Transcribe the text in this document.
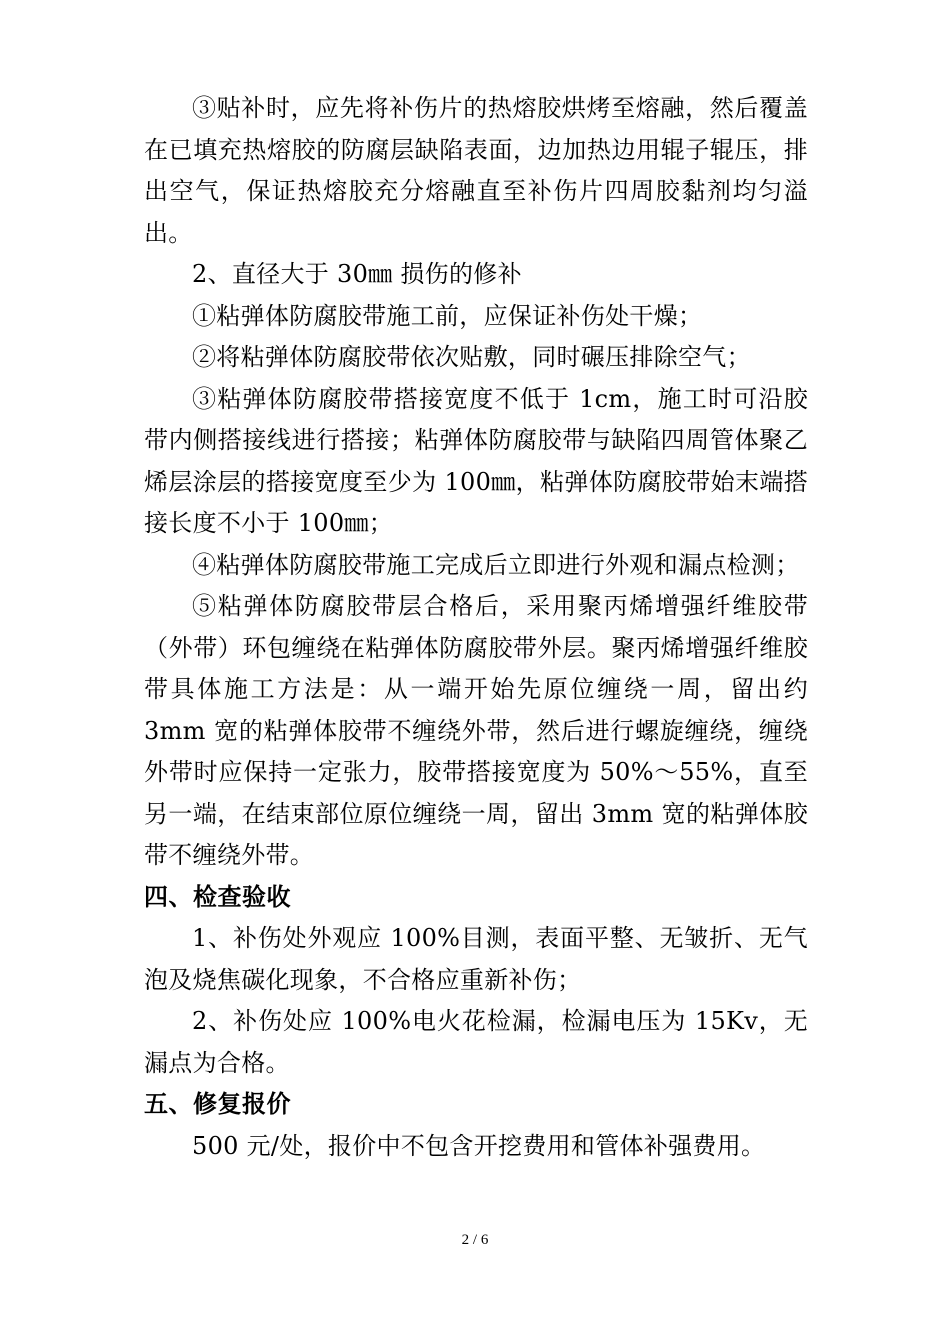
③贴补时，应先将补伤片的热熔胶烘烤至熔融，然后覆盖在已填充热熔胶的防腐层缺陷表面，边加热边用辊子辊压，排出空气，保证热熔胶充分熔融直至补伤片四周胶黏剂均匀溢出。

2、直径大于 30㎜ 损伤的修补

①粘弹体防腐胶带施工前，应保证补伤处干燥；

②将粘弹体防腐胶带依次贴敷，同时碾压排除空气；

③粘弹体防腐胶带搭接宽度不低于 1cm，施工时可沿胶带内侧搭接线进行搭接；粘弹体防腐胶带与缺陷四周管体聚乙烯层涂层的搭接宽度至少为 100㎜，粘弹体防腐胶带始末端搭接长度不小于 100㎜；

④粘弹体防腐胶带施工完成后立即进行外观和漏点检测；

⑤粘弹体防腐胶带层合格后，采用聚丙烯增强纤维胶带（外带）环包缠绕在粘弹体防腐胶带外层。聚丙烯增强纤维胶带具体施工方法是：从一端开始先原位缠绕一周，留出约 3mm 宽的粘弹体胶带不缠绕外带，然后进行螺旋缠绕，缠绕外带时应保持一定张力，胶带搭接宽度为 50%～55%，直至另一端，在结束部位原位缠绕一周，留出 3mm 宽的粘弹体胶带不缠绕外带。

四、检查验收

1、补伤处外观应 100%目测，表面平整、无皱折、无气泡及烧焦碳化现象，不合格应重新补伤；

2、补伤处应 100%电火花检漏，检漏电压为 15Kv，无漏点为合格。

五、修复报价

500 元/处，报价中不包含开挖费用和管体补强费用。

2 / 6
